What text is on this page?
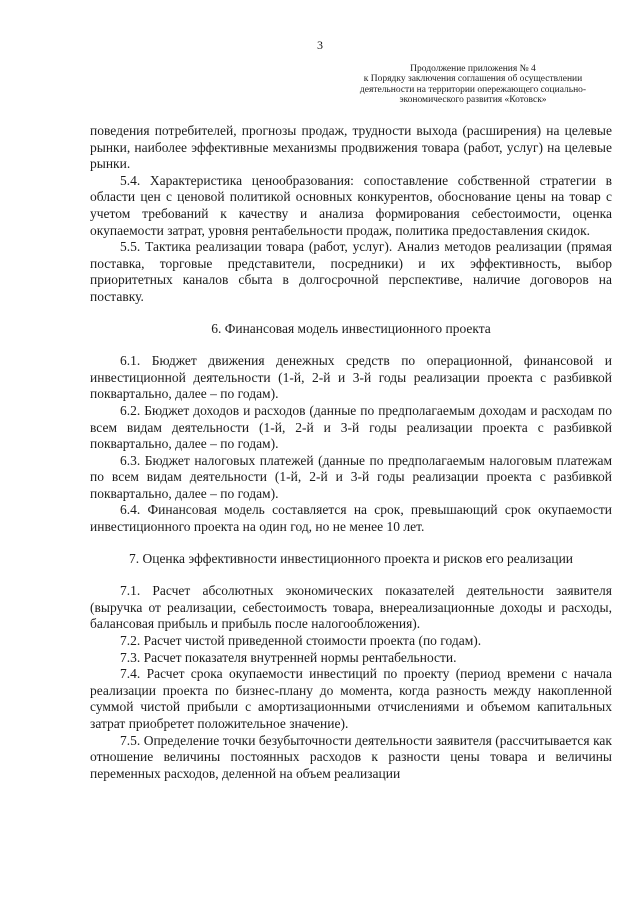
3
Продолжение приложения № 4
к Порядку заключения соглашения об осуществлении
деятельности на территории опережающего социально-
экономического развития «Котовск»

поведения потребителей, прогнозы продаж, трудности выхода (расширения) на целевые рынки, наиболее эффективные механизмы продвижения товара (работ, услуг) на целевые рынки.

5.4. Характеристика ценообразования: сопоставление собственной стратегии в области цен с ценовой политикой основных конкурентов, обоснование цены на товар с учетом требований к качеству и анализа формирования себестоимости, оценка окупаемости затрат, уровня рентабельности продаж, политика предоставления скидок.

5.5. Тактика реализации товара (работ, услуг). Анализ методов реализации (прямая поставка, торговые представители, посредники) и их эффективность, выбор приоритетных каналов сбыта в долгосрочной перспективе, наличие договоров на поставку.

6. Финансовая модель инвестиционного проекта

6.1. Бюджет движения денежных средств по операционной, финансовой и инвестиционной деятельности (1-й, 2-й и 3-й годы реализации проекта с разбивкой поквартально, далее – по годам).

6.2. Бюджет доходов и расходов (данные по предполагаемым доходам и расходам по всем видам деятельности (1-й, 2-й и 3-й годы реализации проекта с разбивкой поквартально, далее – по годам).

6.3. Бюджет налоговых платежей (данные по предполагаемым налоговым платежам по всем видам деятельности (1-й, 2-й и 3-й годы реализации проекта с разбивкой поквартально, далее – по годам).

6.4. Финансовая модель составляется на срок, превышающий срок окупаемости инвестиционного проекта на один год, но не менее 10 лет.

7. Оценка эффективности инвестиционного проекта и рисков его реализации

7.1. Расчет абсолютных экономических показателей деятельности заявителя (выручка от реализации, себестоимость товара, внереализационные доходы и расходы, балансовая прибыль и прибыль после налогообложения).

7.2. Расчет чистой приведенной стоимости проекта (по годам).

7.3. Расчет показателя внутренней нормы рентабельности.

7.4. Расчет срока окупаемости инвестиций по проекту (период времени с начала реализации проекта по бизнес-плану до момента, когда разность между накопленной суммой чистой прибыли с амортизационными отчислениями и объемом капитальных затрат приобретет положительное значение).

7.5. Определение точки безубыточности деятельности заявителя (рассчитывается как отношение величины постоянных расходов к разности цены товара и величины переменных расходов, деленной на объем реализации
